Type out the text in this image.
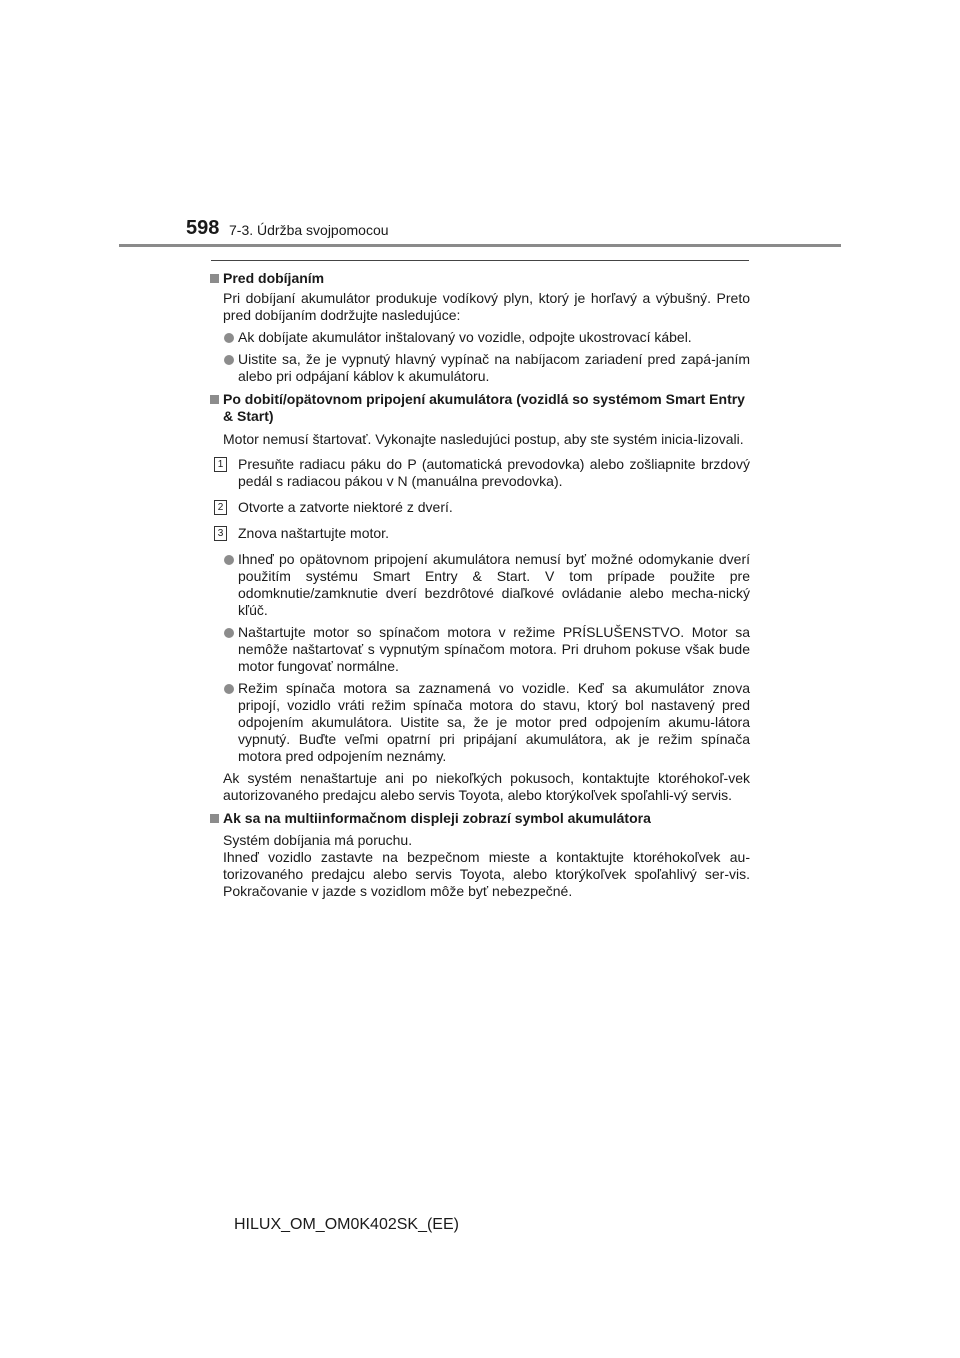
598 7-3. Údržba svojpomocou
Pred dobíjaním
Pri dobíjaní akumulátor produkuje vodíkový plyn, ktorý je horľavý a výbušný. Preto pred dobíjaním dodržujte nasledujúce:
Ak dobíjate akumulátor inštalovaný vo vozidle, odpojte ukostrovací kábel.
Uistite sa, že je vypnutý hlavný vypínač na nabíjacom zariadení pred zapá-janím alebo pri odpájaní káblov k akumulátoru.
Po dobití/opätovnom pripojení akumulátora (vozidlá so systémom Smart Entry & Start)
Motor nemusí štartovať. Vykonajte nasledujúci postup, aby ste systém inicia-lizovali.
1 Presuňte radiacu páku do P (automatická prevodovka) alebo zošliapnite brzdový pedál s radiacou pákou v N (manuálna prevodovka).
2 Otvorte a zatvorte niektoré z dverí.
3 Znova naštartujte motor.
Ihneď po opätovnom pripojení akumulátora nemusí byť možné odomykanie dverí použitím systému Smart Entry & Start. V tom prípade použite pre odomknutie/zamknutie dverí bezdrôtové diaľkové ovládanie alebo mecha-nický kľúč.
Naštartujte motor so spínačom motora v režime PRÍSLUŠENSTVO. Motor sa nemôže naštartovať s vypnutým spínačom motora. Pri druhom pokuse však bude motor fungovať normálne.
Režim spínača motora sa zaznamená vo vozidle. Keď sa akumulátor znova pripojí, vozidlo vráti režim spínača motora do stavu, ktorý bol nastavený pred odpojením akumulátora. Uistite sa, že je motor pred odpojením akumu-látora vypnutý. Buďte veľmi opatrní pri pripájaní akumulátora, ak je režim spínača motora pred odpojením neznámy.
Ak systém nenaštartuje ani po niekoľkých pokusoch, kontaktujte ktoréhokoľ-vek autorizovaného predajcu alebo servis Toyota, alebo ktorýkoľvek spoľahli-vý servis.
Ak sa na multiinformačnom displeji zobrazí symbol akumulátora
Systém dobíjania má poruchu.
Ihneď vozidlo zastavte na bezpečnom mieste a kontaktujte ktoréhokoľvek au-torizovaného predajcu alebo servis Toyota, alebo ktorýkoľvek spoľahlivý ser-vis. Pokračovanie v jazde s vozidlom môže byť nebezpečné.
HILUX_OM_OM0K402SK_(EE)
